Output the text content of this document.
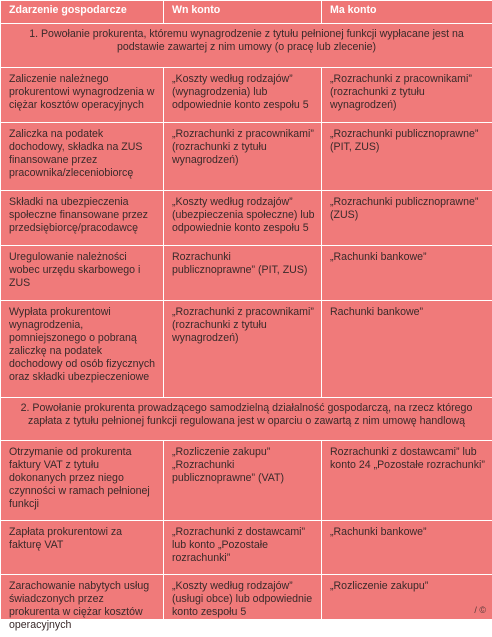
Zdarzenie gospodarcze	Wn konto	Ma konto
1. Powołanie prokurenta, któremu wynagrodzenie z tytułu pełnionej funkcji wypłacane jest na podstawie zawartej z nim umowy (o pracę lub zlecenie)		
Zaliczenie należnego prokurentowi wynagrodzenia w ciężar kosztów operacyjnych	„Koszty według rodzajów” (wynagrodzenia) lub odpowiednie konto zespołu 5	„Rozrachunki z pracownikami” (rozrachunki z tytułu wynagrodzeń)
Zaliczka na podatek dochodowy, składka na ZUS finansowane przez pracownika/zleceniobiorcę	„Rozrachunki z pracownikami” (rozrachunki z tytułu wynagrodzeń)	„Rozrachunki publicznoprawne” (PIT, ZUS)
Składki na ubezpieczenia społeczne finansowane przez przedsiębiorcę/pracodawcę	„Koszty według rodzajów” (ubezpieczenia społeczne) lub odpowiednie konto zespołu 5	„Rozrachunki publicznoprawne” (ZUS)
Uregulowanie należności wobec urzędu skarbowego i ZUS	Rozrachunki publicznoprawne” (PIT, ZUS)	„Rachunki bankowe”
Wypłata prokurentowi wynagrodzenia, pomniejszonego o pobraną zaliczkę na podatek dochodowy od osób fizycznych oraz składki ubezpieczeniowe	„Rozrachunki z pracownikami” (rozrachunki z tytułu wynagrodzeń)	Rachunki bankowe”
2. Powołanie prokurenta prowadzącego samodzielną działalność gospodarczą, na rzecz którego zapłata z tytułu pełnionej funkcji regulowana jest w oparciu o zawartą z nim umowę handlową		
Otrzymanie od prokurenta faktury VAT z tytułu dokonanych przez niego czynności w ramach pełnionej funkcji	„Rozliczenie zakupu” „Rozrachunki publicznoprawne” (VAT)	Rozrachunki z dostawcami” lub konto 24 „Pozostałe rozrachunki”
Zapłata prokurentowi za fakturę VAT	„Rozrachunki z dostawcami” lub konto „Pozostałe rozrachunki”	„Rachunki bankowe”
Zarachowanie nabytych usług świadczonych przez prokurenta w ciężar kosztów operacyjnych	„Koszty według rodzajów” (usługi obce) lub odpowiednie konto zespołu 5	„Rozliczenie zakupu”
/ ©
